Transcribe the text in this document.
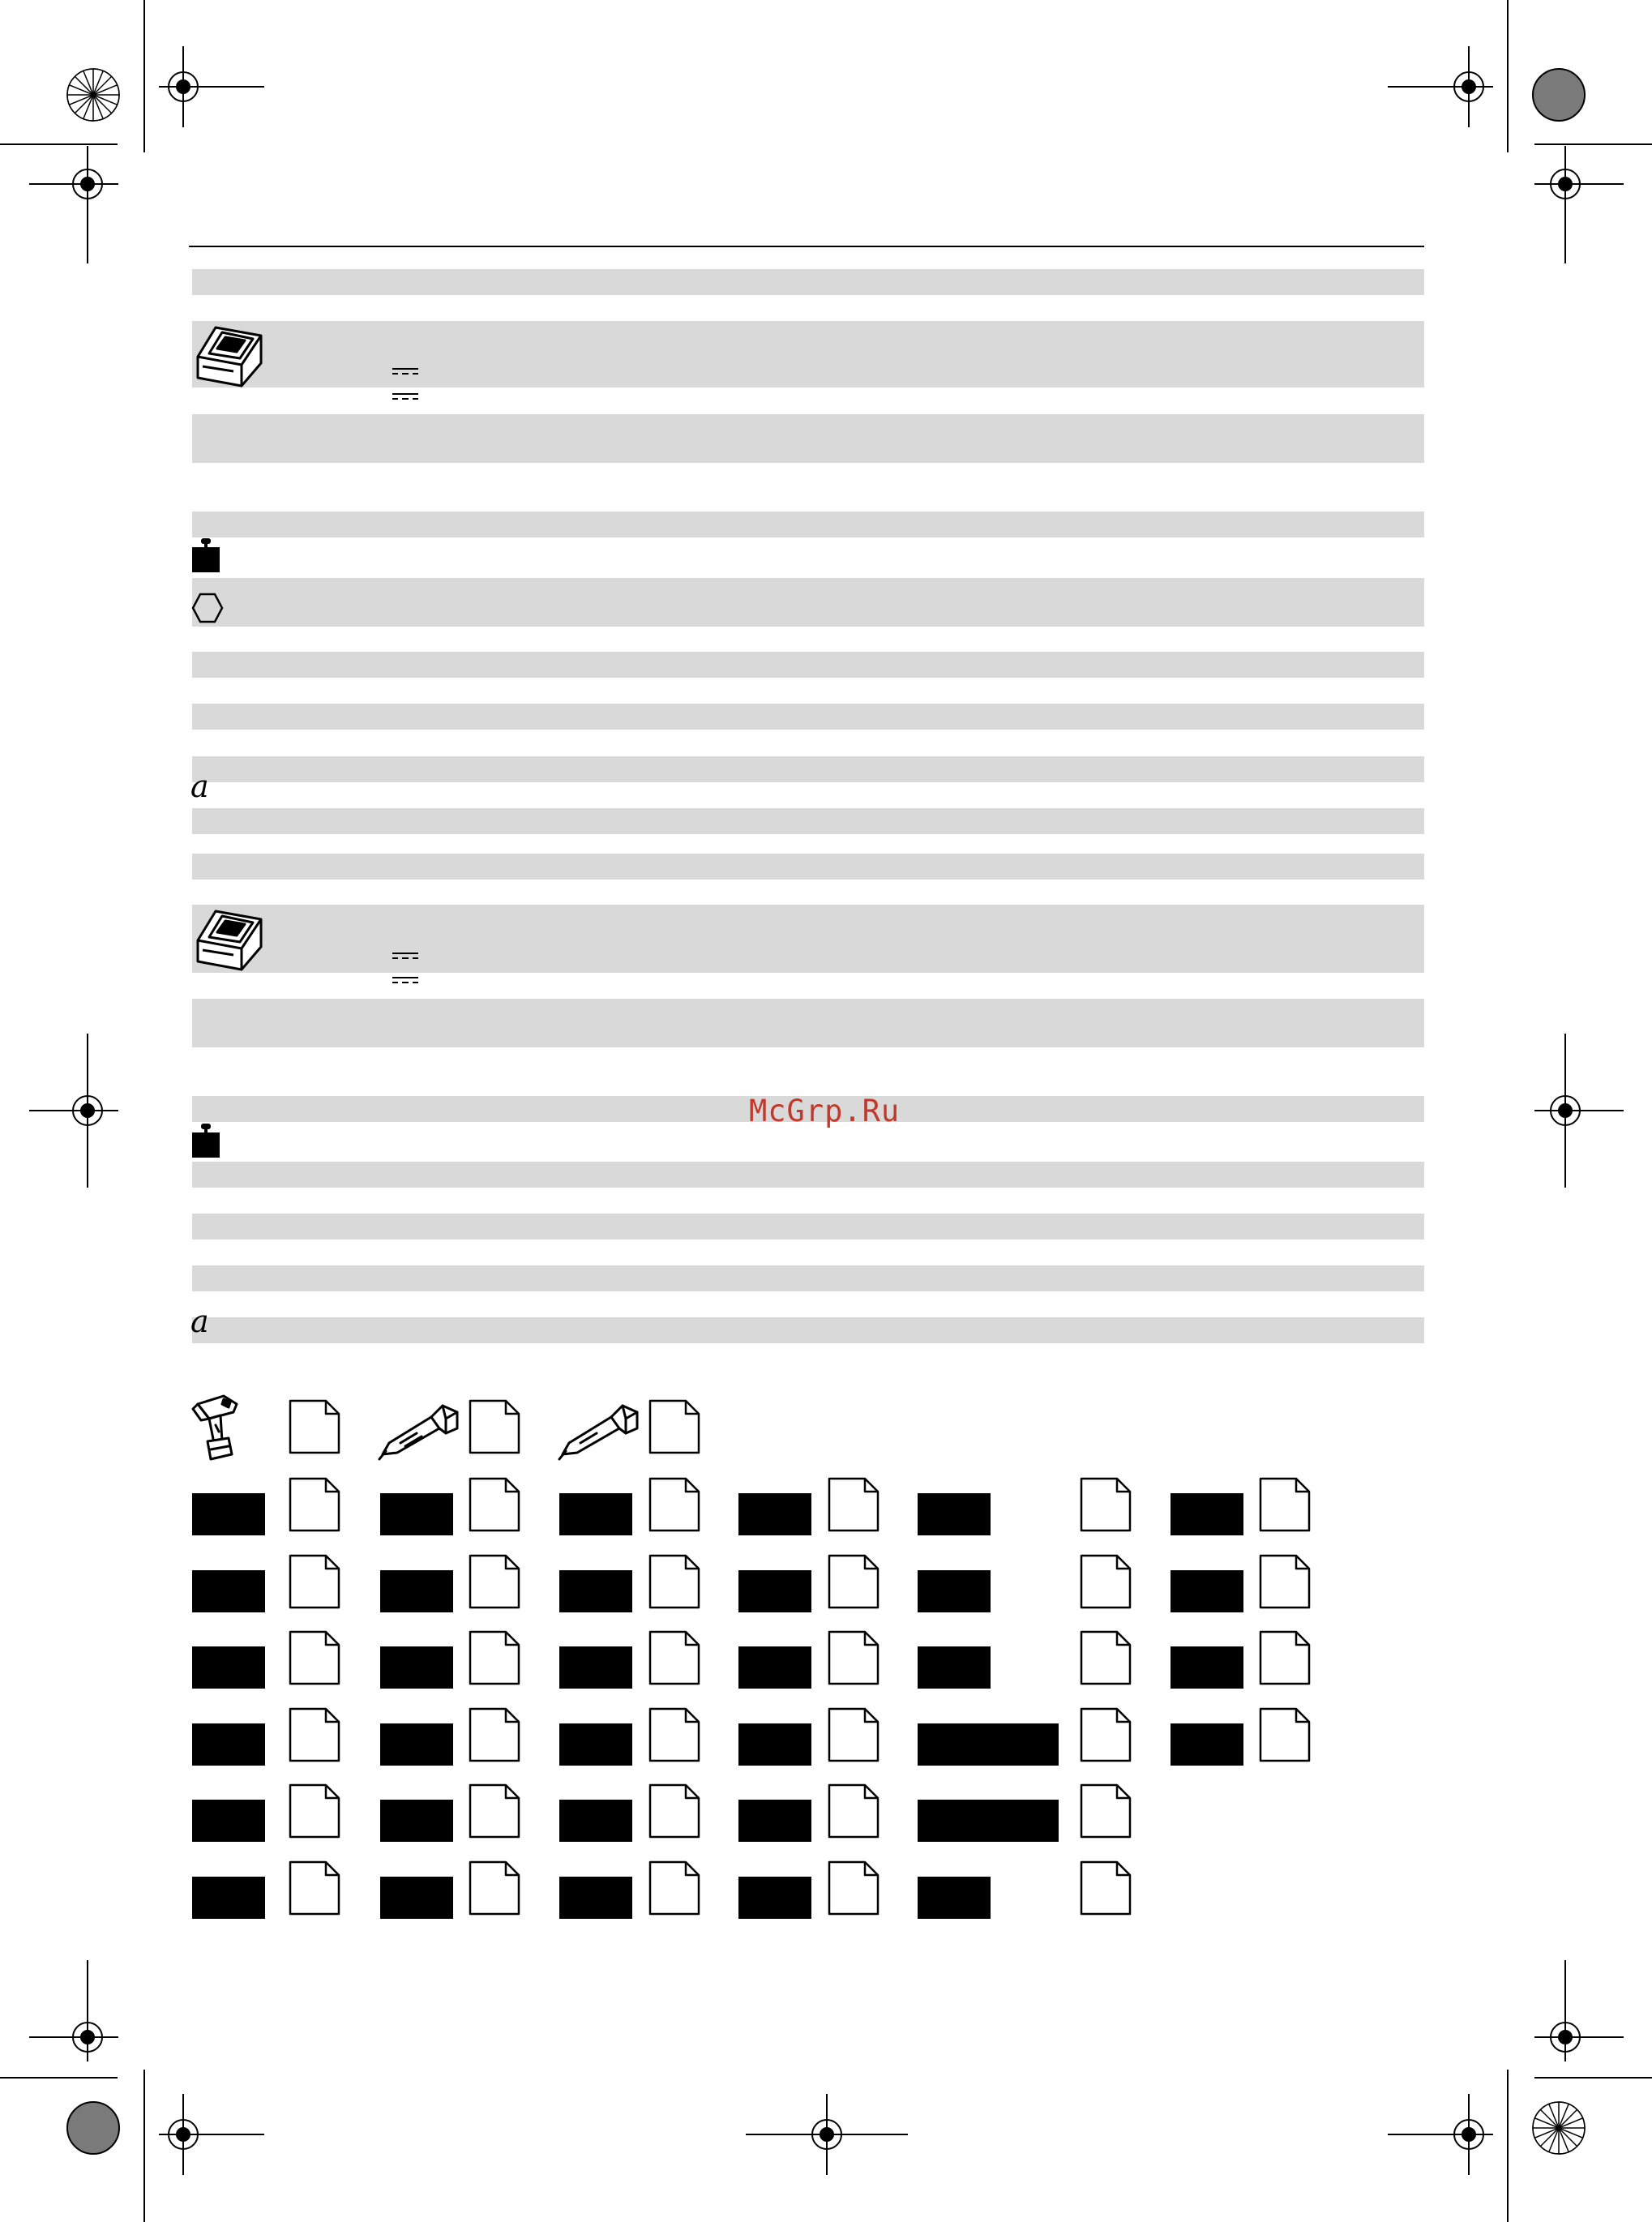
a
a
McGrp.Ru
